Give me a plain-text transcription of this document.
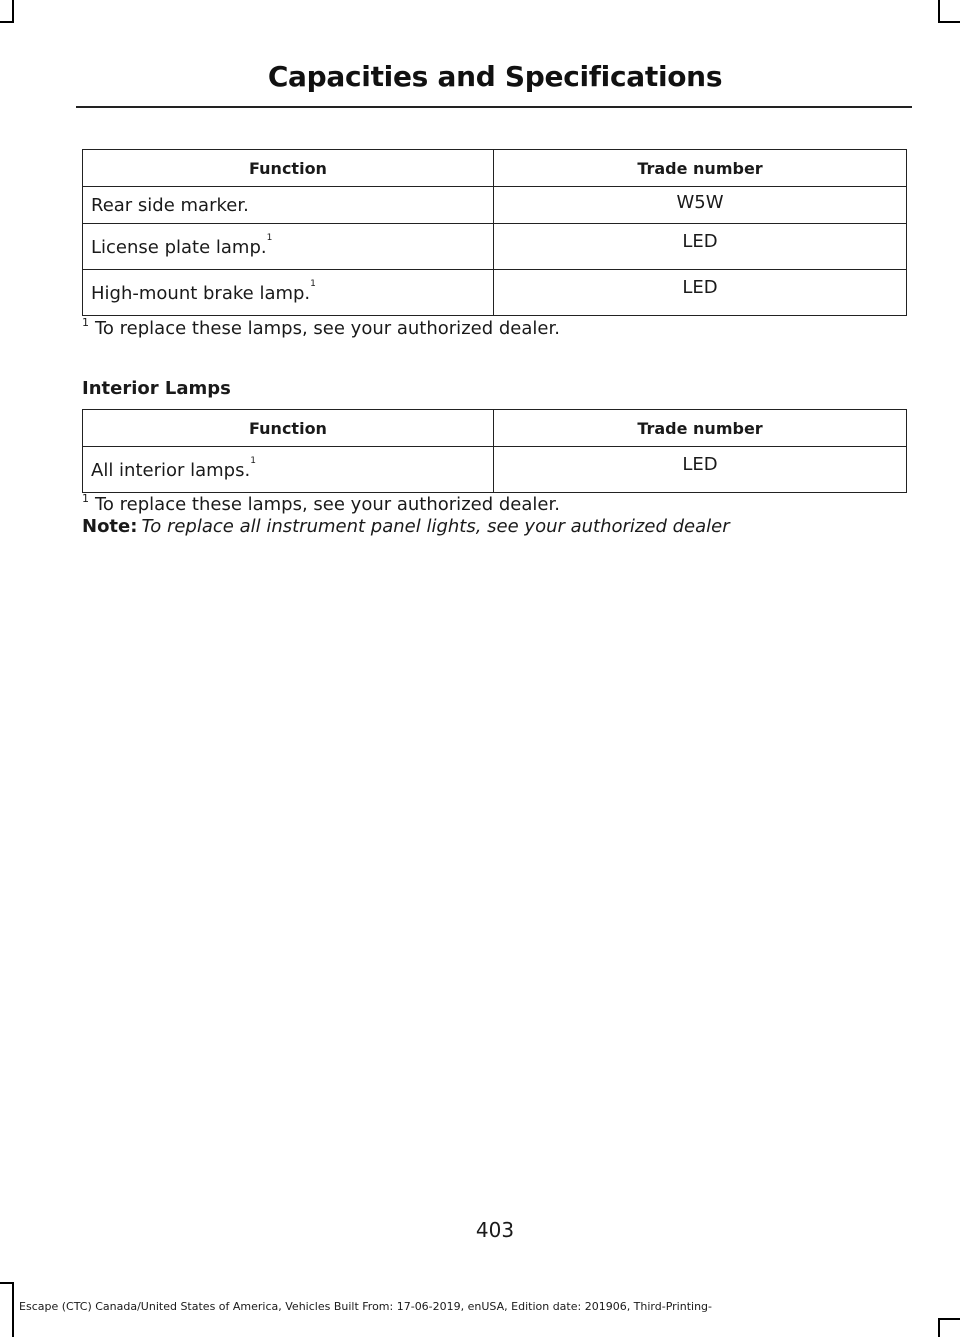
Capacities and Specifications
Function	Trade number
Rear side marker.	W5W
License plate lamp.$^1$	LED
High-mount brake lamp.$^1$	LED
$^1$ To replace these lamps, see your authorized dealer.
Interior Lamps
Function	Trade number
All interior lamps.$^1$	LED
$^1$ To replace these lamps, see your authorized dealer.
Note: To replace all instrument panel lights, see your authorized dealer
403
Escape (CTC) Canada/United States of America, Vehicles Built From: 17-06-2019, enUSA, Edition date: 201906, Third-Printing-
